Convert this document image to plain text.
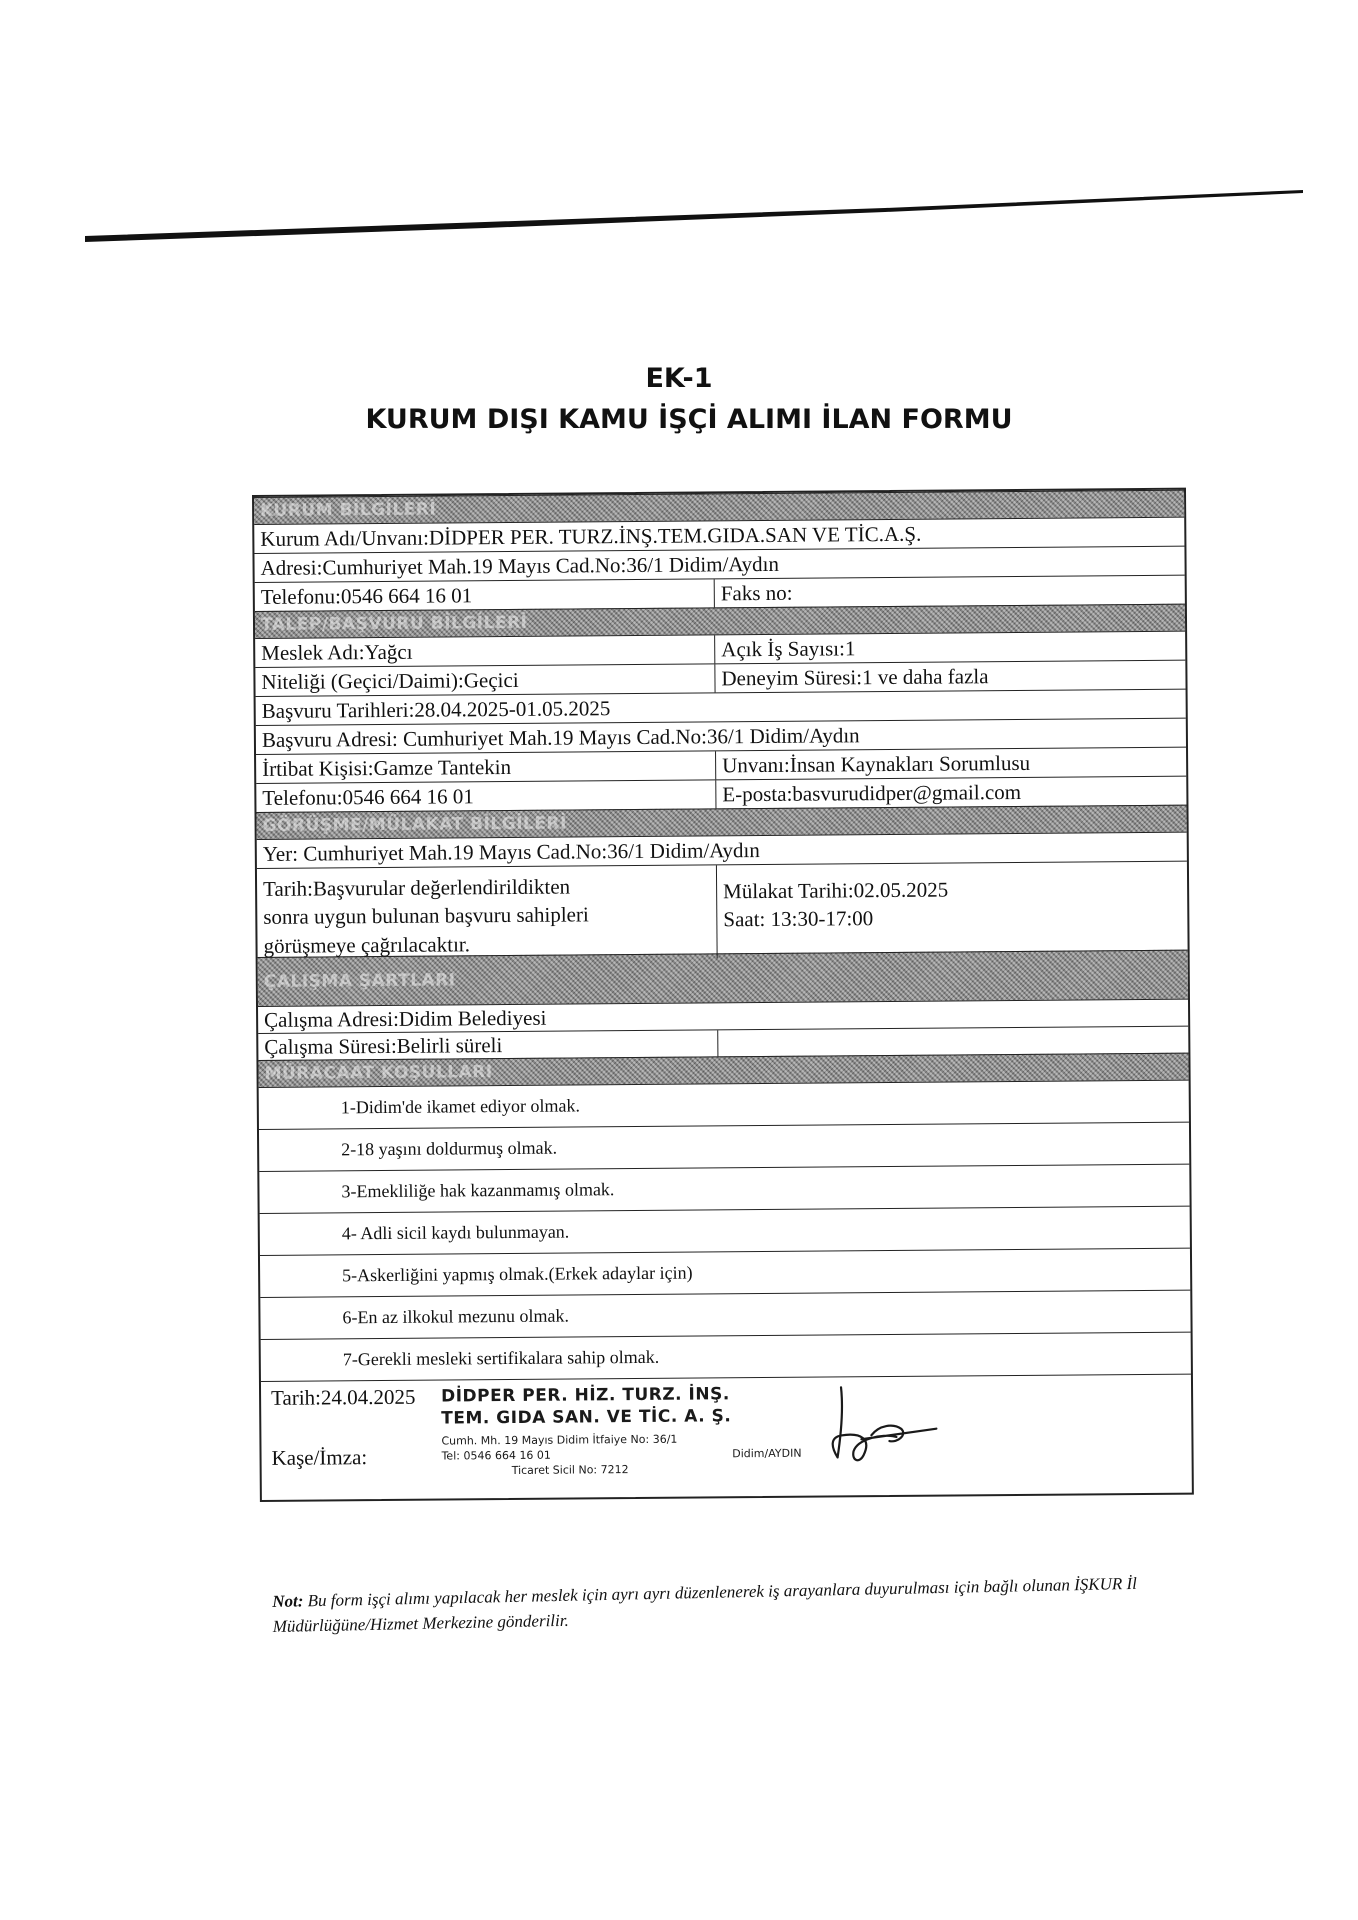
EK-1
KURUM DIŞI KAMU İŞÇİ ALIMI İLAN FORMU
KURUM BİLGİLERİ
Kurum Adı/Unvanı:DİDPER PER. TURZ.İNŞ.TEM.GIDA.SAN VE TİC.A.Ş.
Adresi:Cumhuriyet Mah.19 Mayıs Cad.No:36/1 Didim/Aydın
Telefonu:0546 664 16 01	Faks no:
TALEP/BAŞVURU BİLGİLERİ
Meslek Adı:Yağcı	Açık İş Sayısı:1
Niteliği (Geçici/Daimi):Geçici	Deneyim Süresi:1 ve daha fazla
Başvuru Tarihleri:28.04.2025-01.05.2025
Başvuru Adresi: Cumhuriyet Mah.19 Mayıs Cad.No:36/1 Didim/Aydın
İrtibat Kişisi:Gamze Tantekin	Unvanı:İnsan Kaynakları Sorumlusu
Telefonu:0546 664 16 01	E-posta:basvurudidper@gmail.com
GÖRÜŞME/MÜLAKAT BİLGİLERİ
Yer: Cumhuriyet Mah.19 Mayıs Cad.No:36/1 Didim/Aydın
Tarih:Başvurular değerlendirildikten
sonra uygun bulunan başvuru sahipleri
görüşmeye çağrılacaktır.
Mülakat Tarihi:02.05.2025
Saat: 13:30-17:00
ÇALIŞMA ŞARTLARI
Çalışma Adresi:Didim Belediyesi
Çalışma Süresi:Belirli süreli
MÜRACAAT KOŞULLARI
1-Didim'de ikamet ediyor olmak.
2-18 yaşını doldurmuş olmak.
3-Emekliliğe hak kazanmamış olmak.
4- Adli sicil kaydı bulunmayan.
5-Askerliğini yapmış olmak.(Erkek adaylar için)
6-En az ilkokul mezunu olmak.
7-Gerekli mesleki sertifikalara sahip olmak.
Tarih:24.04.2025
Kaşe/İmza:
DİDPER PER. HİZ. TURZ. İNŞ.
TEM. GIDA SAN. VE TİC. A. Ş.
Cumh. Mh. 19 Mayıs Didim İtfaiye No: 36/1
Tel: 0546 664 16 01	Didim/AYDIN
Ticaret Sicil No: 7212
Not: Bu form işçi alımı yapılacak her meslek için ayrı ayrı düzenlenerek iş arayanlara duyurulması için bağlı olunan İŞKUR İl Müdürlüğüne/Hizmet Merkezine gönderilir.
